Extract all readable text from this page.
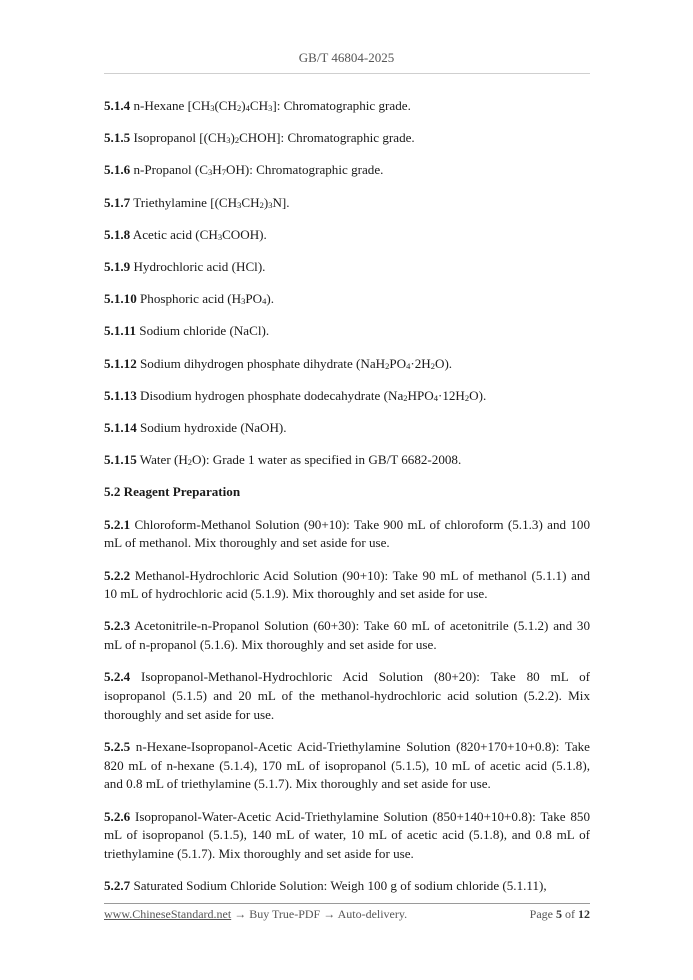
GB/T 46804-2025

5.1.4 n-Hexane $[CH_3(CH_2)_4CH_3]$: Chromatographic grade.

5.1.5 Isopropanol $[(CH_3)_2CHOH]$: Chromatographic grade.

5.1.6 n-Propanol $(C_3H_7OH)$: Chromatographic grade.

5.1.7 Triethylamine $[(CH_3CH_2)_3N]$.

5.1.8 Acetic acid $(CH_3COOH)$.

5.1.9 Hydrochloric acid (HCl).

5.1.10 Phosphoric acid $(H_3PO_4)$.

5.1.11 Sodium chloride (NaCl).

5.1.12 Sodium dihydrogen phosphate dihydrate $(NaH_2PO_4\cdot 2H_2O)$.

5.1.13 Disodium hydrogen phosphate dodecahydrate $(Na_2HPO_4\cdot 12H_2O)$.

5.1.14 Sodium hydroxide (NaOH).

5.1.15 Water $(H_2O)$: Grade 1 water as specified in GB/T 6682-2008.

5.2 Reagent Preparation

5.2.1 Chloroform-Methanol Solution (90+10): Take 900 mL of chloroform (5.1.3) and 100 mL of methanol. Mix thoroughly and set aside for use.

5.2.2 Methanol-Hydrochloric Acid Solution (90+10): Take 90 mL of methanol (5.1.1) and 10 mL of hydrochloric acid (5.1.9). Mix thoroughly and set aside for use.

5.2.3 Acetonitrile-n-Propanol Solution (60+30): Take 60 mL of acetonitrile (5.1.2) and 30 mL of n-propanol (5.1.6). Mix thoroughly and set aside for use.

5.2.4 Isopropanol-Methanol-Hydrochloric Acid Solution (80+20): Take 80 mL of isopropanol (5.1.5) and 20 mL of the methanol-hydrochloric acid solution (5.2.2). Mix thoroughly and set aside for use.

5.2.5 n-Hexane-Isopropanol-Acetic Acid-Triethylamine Solution (820+170+10+0.8): Take 820 mL of n-hexane (5.1.4), 170 mL of isopropanol (5.1.5), 10 mL of acetic acid (5.1.8), and 0.8 mL of triethylamine (5.1.7). Mix thoroughly and set aside for use.

5.2.6 Isopropanol-Water-Acetic Acid-Triethylamine Solution (850+140+10+0.8): Take 850 mL of isopropanol (5.1.5), 140 mL of water, 10 mL of acetic acid (5.1.8), and 0.8 mL of triethylamine (5.1.7). Mix thoroughly and set aside for use.

5.2.7 Saturated Sodium Chloride Solution: Weigh 100 g of sodium chloride (5.1.11),

www.ChineseStandard.net → Buy True-PDF → Auto-delivery.	Page 5 of 12
